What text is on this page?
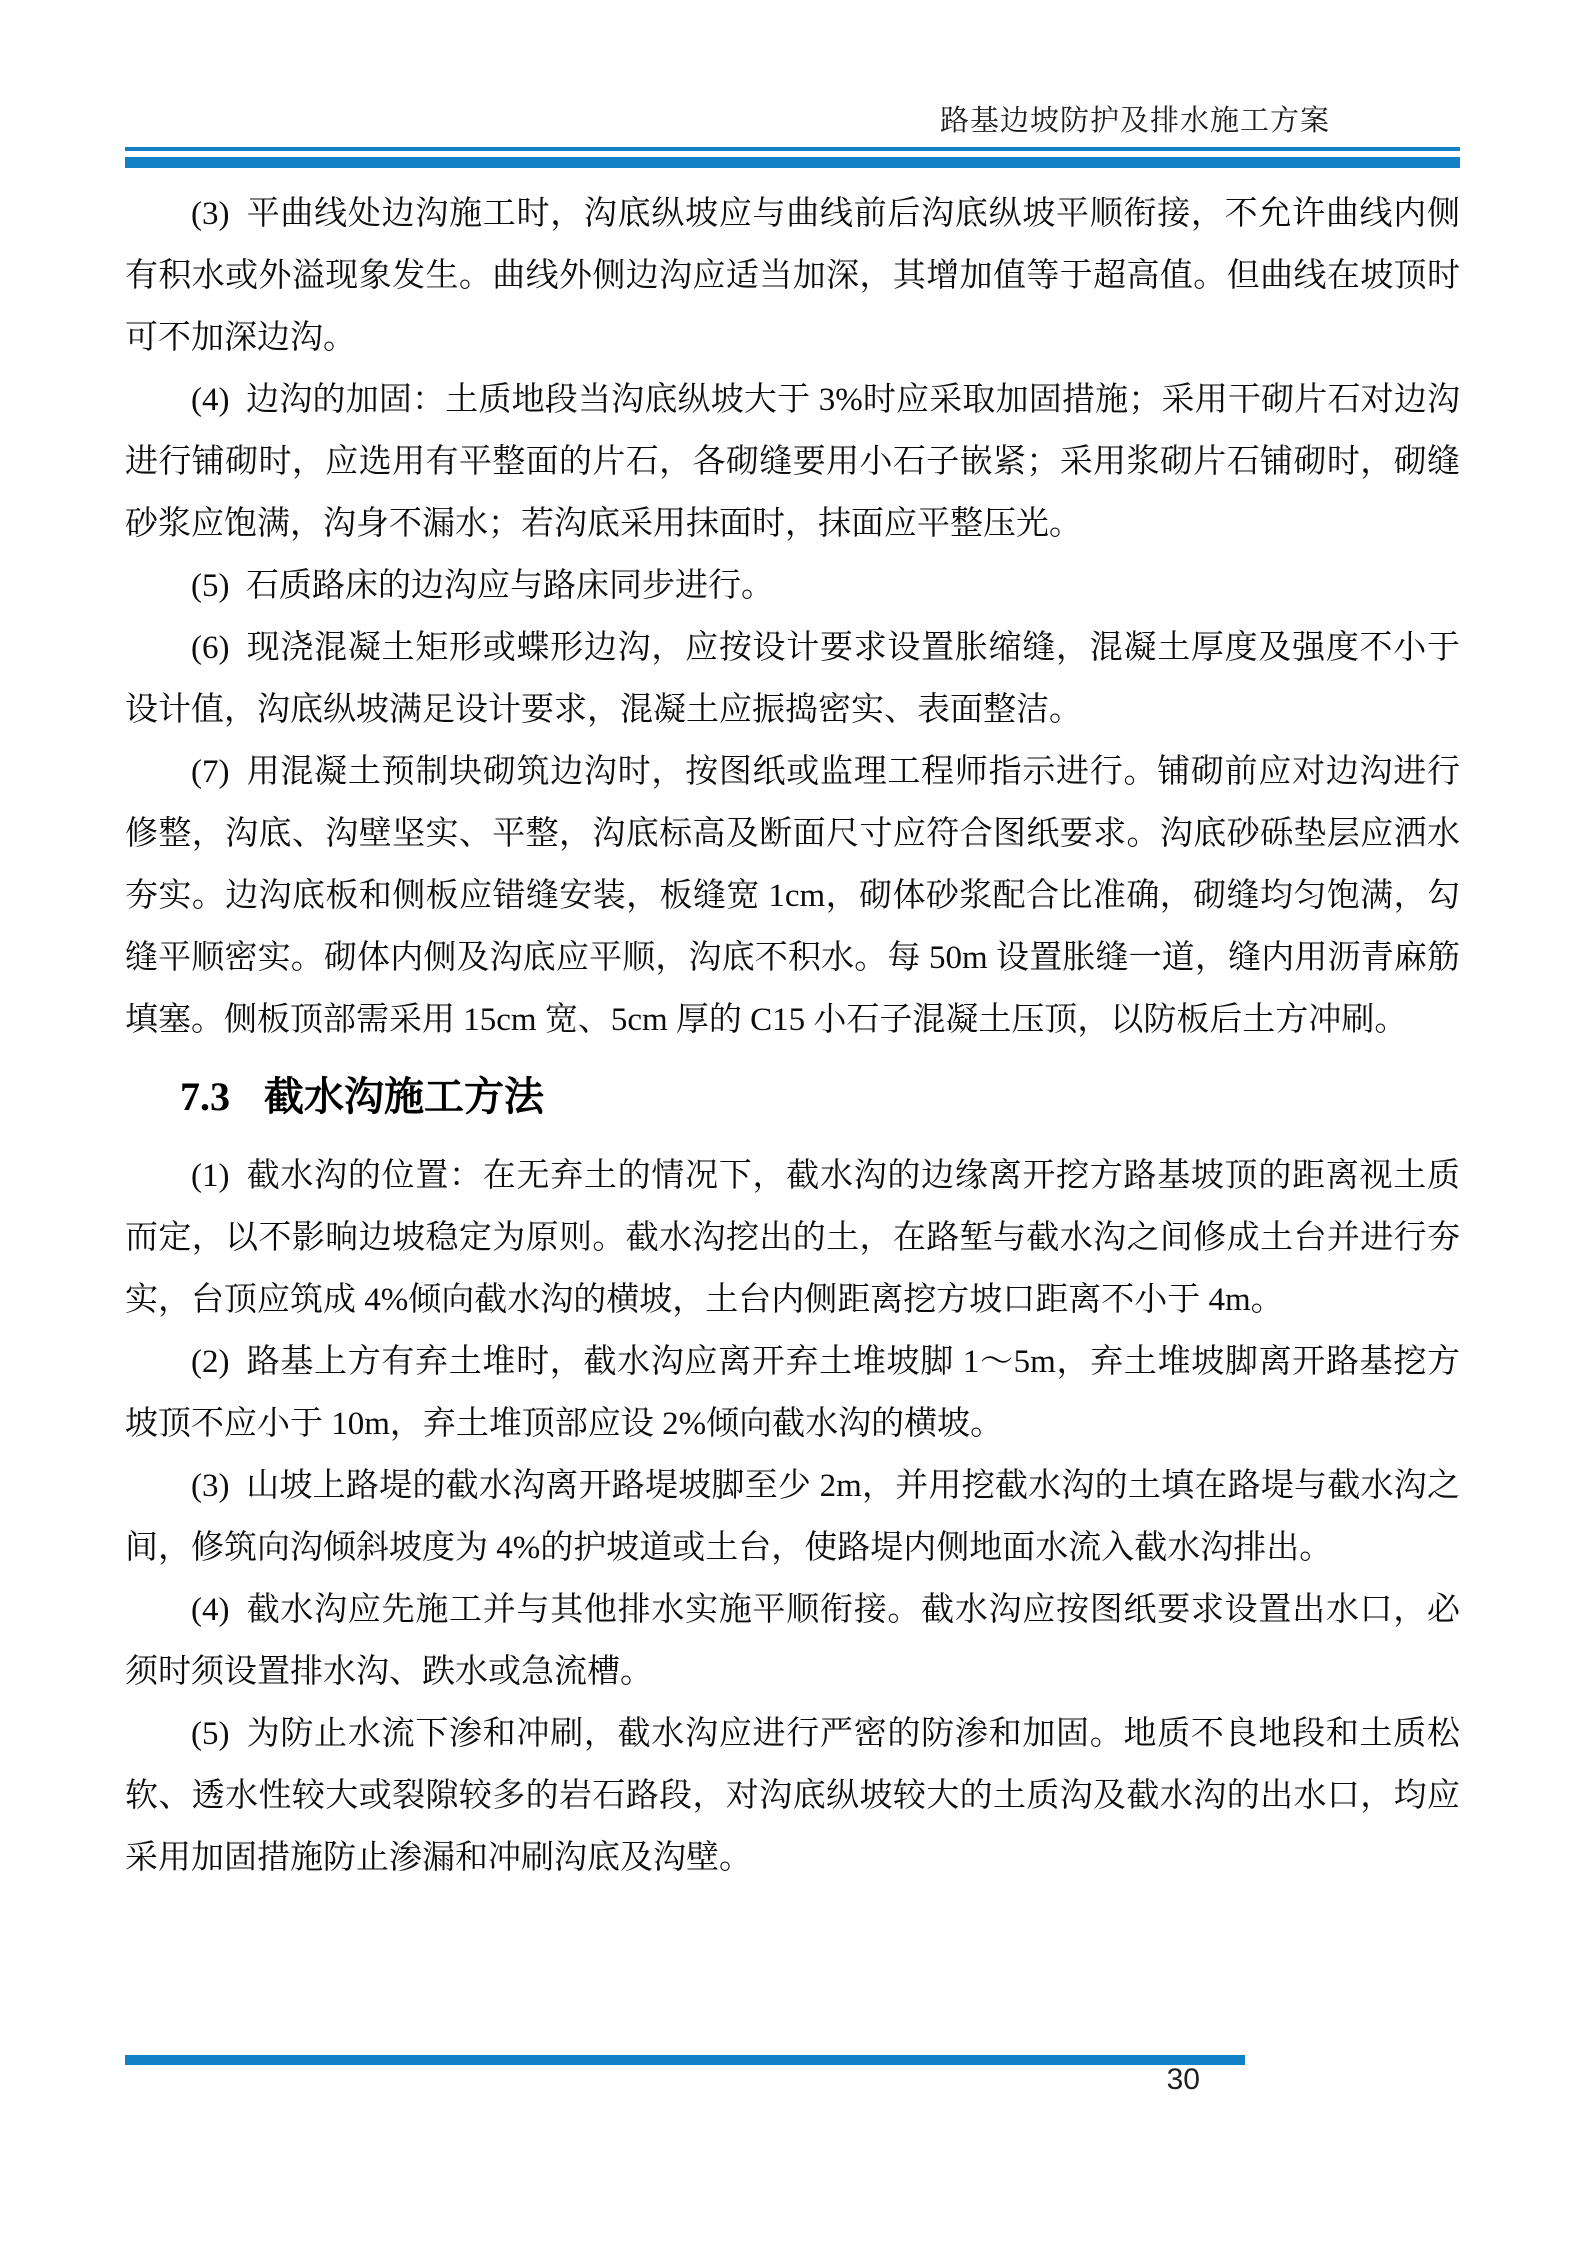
路基边坡防护及排水施工方案

(3) 平曲线处边沟施工时，沟底纵坡应与曲线前后沟底纵坡平顺衔接，不允许曲线内侧有积水或外溢现象发生。曲线外侧边沟应适当加深，其增加值等于超高值。但曲线在坡顶时可不加深边沟。

(4) 边沟的加固：土质地段当沟底纵坡大于 3%时应采取加固措施；采用干砌片石对边沟进行铺砌时，应选用有平整面的片石，各砌缝要用小石子嵌紧；采用浆砌片石铺砌时，砌缝砂浆应饱满，沟身不漏水；若沟底采用抹面时，抹面应平整压光。

(5) 石质路床的边沟应与路床同步进行。

(6) 现浇混凝土矩形或蝶形边沟，应按设计要求设置胀缩缝，混凝土厚度及强度不小于设计值，沟底纵坡满足设计要求，混凝土应振捣密实、表面整洁。

(7) 用混凝土预制块砌筑边沟时，按图纸或监理工程师指示进行。铺砌前应对边沟进行修整，沟底、沟壁坚实、平整，沟底标高及断面尺寸应符合图纸要求。沟底砂砾垫层应洒水夯实。边沟底板和侧板应错缝安装，板缝宽 1cm，砌体砂浆配合比准确，砌缝均匀饱满，勾缝平顺密实。砌体内侧及沟底应平顺，沟底不积水。每 50m 设置胀缝一道，缝内用沥青麻筋填塞。侧板顶部需采用 15cm 宽、5cm 厚的 C15 小石子混凝土压顶，以防板后土方冲刷。

7.3 截水沟施工方法

(1) 截水沟的位置：在无弃土的情况下，截水沟的边缘离开挖方路基坡顶的距离视土质而定，以不影晌边坡稳定为原则。截水沟挖出的土，在路堑与截水沟之间修成土台并进行夯实，台顶应筑成 4%倾向截水沟的横坡，土台内侧距离挖方坡口距离不小于 4m。

(2) 路基上方有弃土堆时，截水沟应离开弃土堆坡脚 1～5m，弃土堆坡脚离开路基挖方坡顶不应小于 10m，弃土堆顶部应设 2%倾向截水沟的横坡。

(3) 山坡上路堤的截水沟离开路堤坡脚至少 2m，并用挖截水沟的土填在路堤与截水沟之间，修筑向沟倾斜坡度为 4%的护坡道或土台，使路堤内侧地面水流入截水沟排出。

(4) 截水沟应先施工并与其他排水实施平顺衔接。截水沟应按图纸要求设置出水口，必须时须设置排水沟、跌水或急流槽。

(5) 为防止水流下渗和冲刷，截水沟应进行严密的防渗和加固。地质不良地段和土质松软、透水性较大或裂隙较多的岩石路段，对沟底纵坡较大的土质沟及截水沟的出水口，均应采用加固措施防止渗漏和冲刷沟底及沟壁。

30
